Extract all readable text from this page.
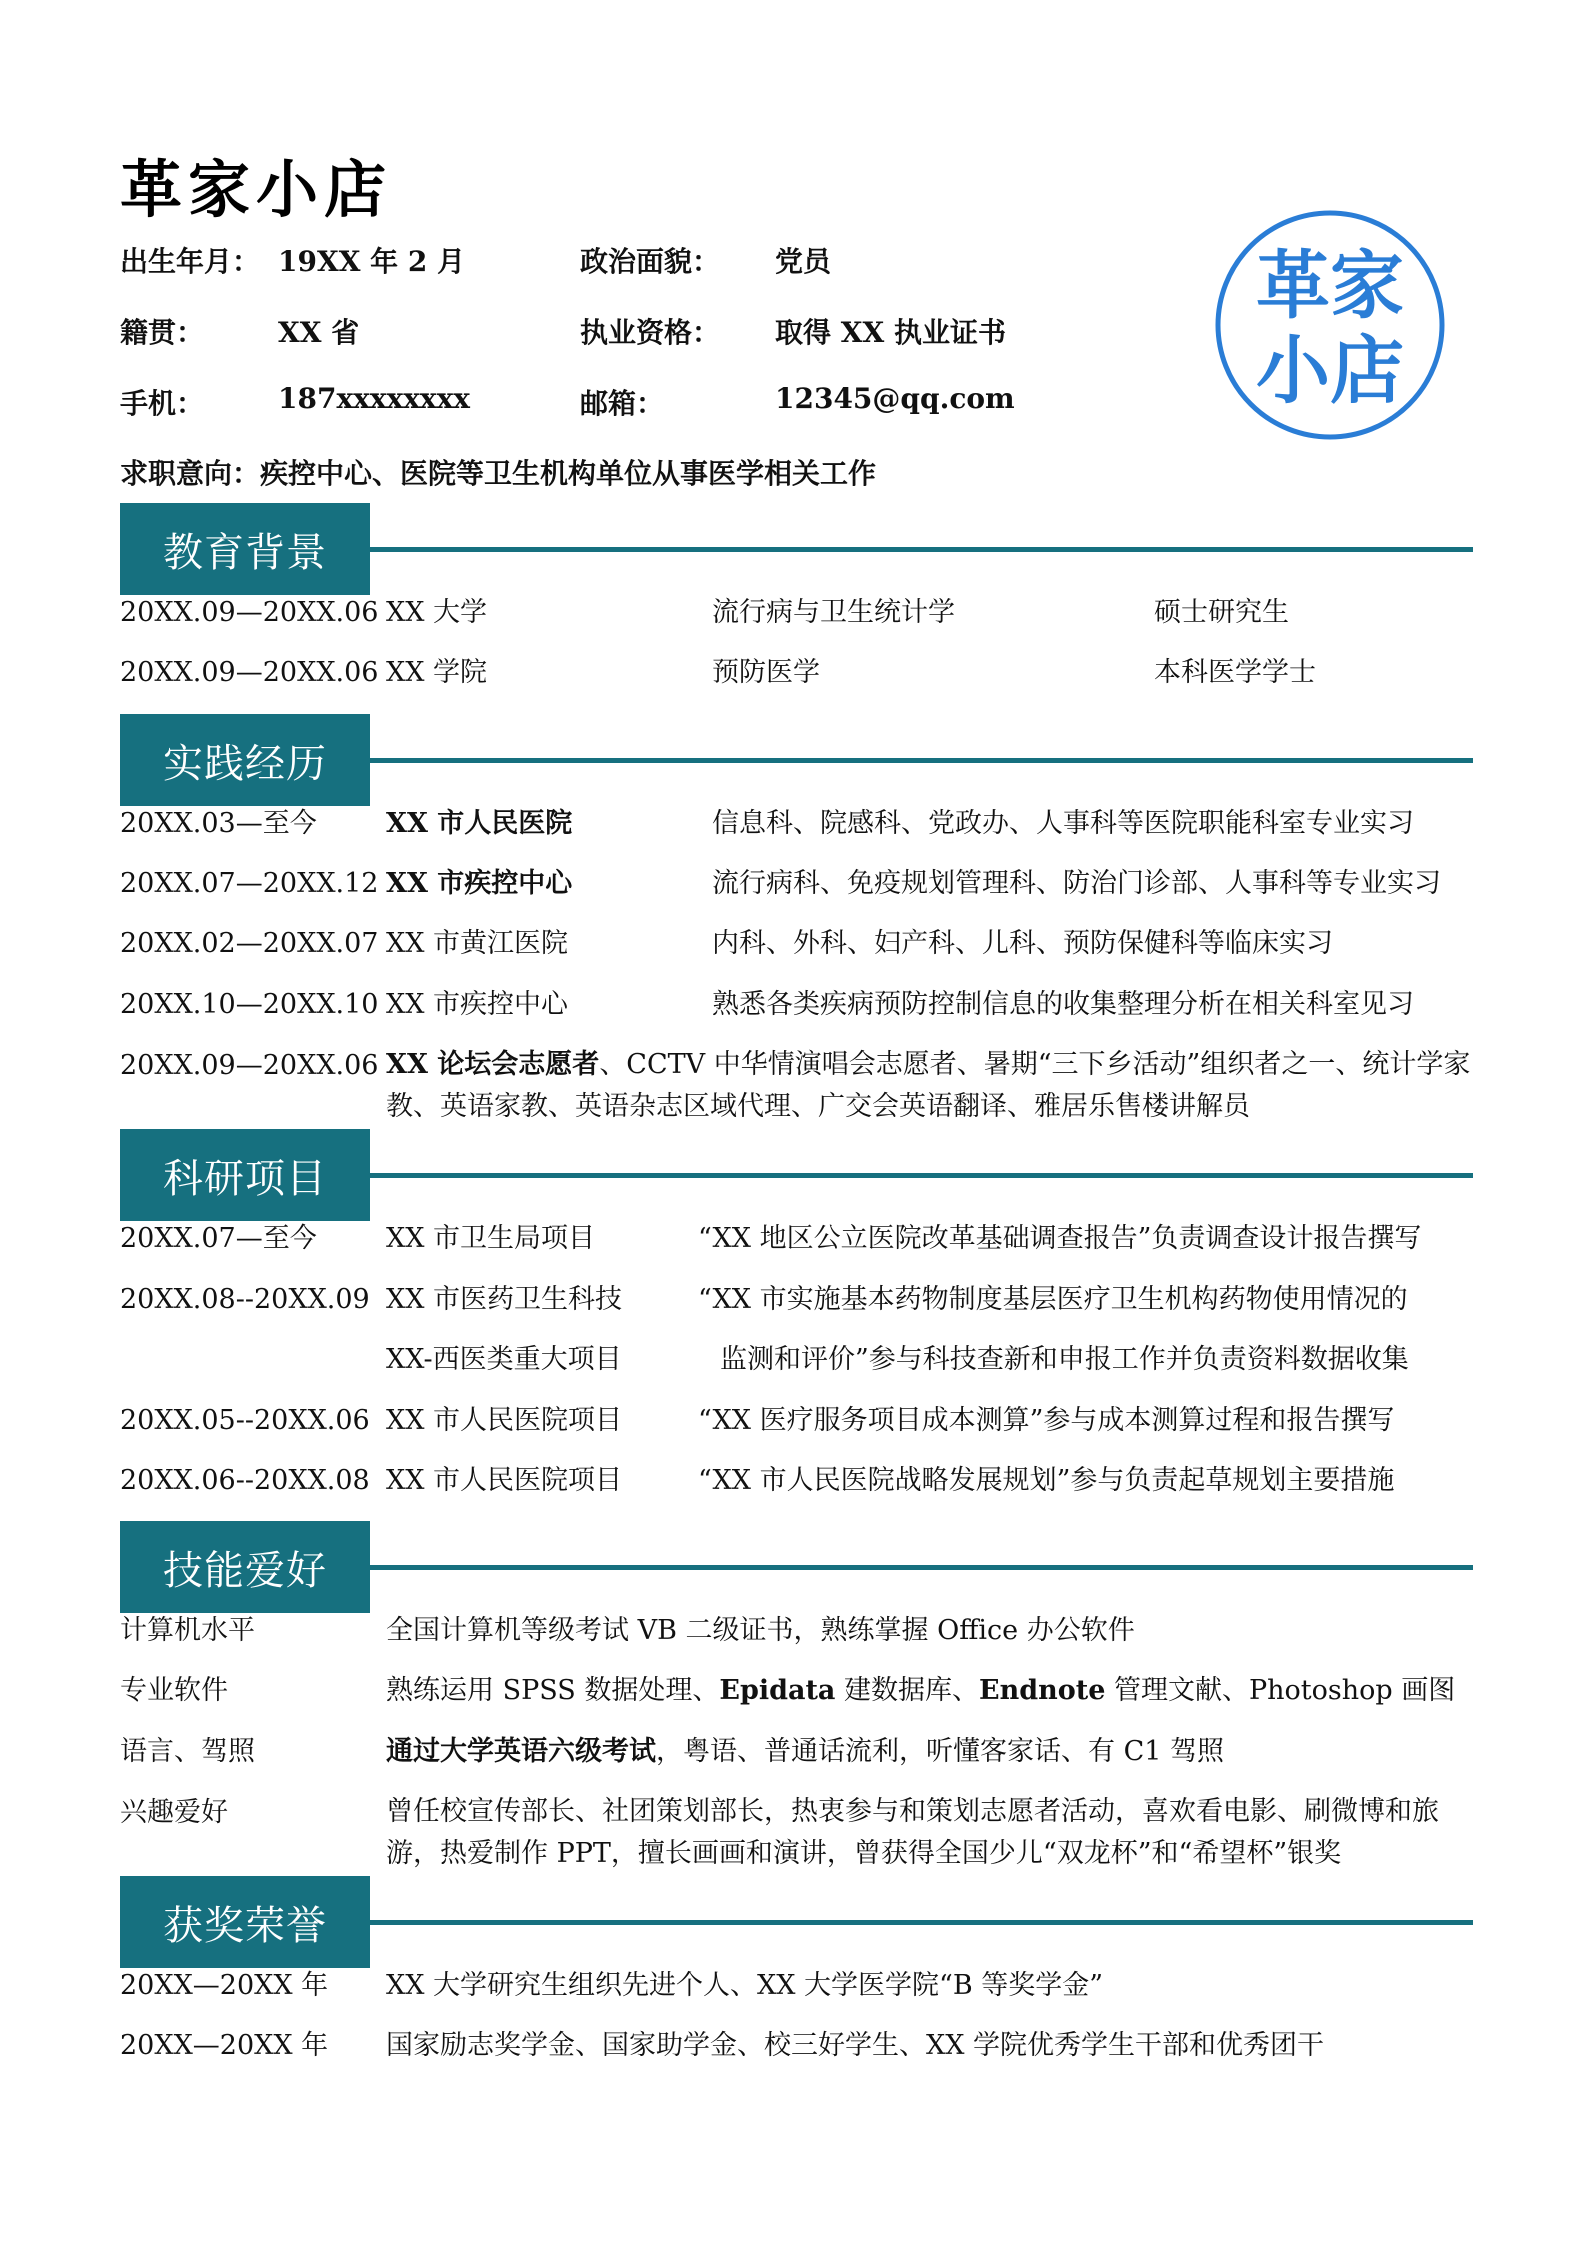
革家小店
出生年月： 19XX 年 2 月	政治面貌： 党员
籍贯：	XX 省	执业资格： 取得 XX 执业证书
手机：	187xxxxxxxx	邮箱：	12345@qq.com
求职意向：疾控中心、医院等卫生机构单位从事医学相关工作
革家
小店
教育背景
20XX.09—20XX.06 XX 大学	流行病与卫生统计学	硕士研究生
20XX.09—20XX.06 XX 学院	预防医学	本科医学学士
实践经历
20XX.03—至今	XX 市人民医院	信息科、院感科、党政办、人事科等医院职能科室专业实习
20XX.07—20XX.12 XX 市疾控中心	流行病科、免疫规划管理科、防治门诊部、人事科等专业实习
20XX.02—20XX.07 XX 市黄江医院	内科、外科、妇产科、儿科、预防保健科等临床实习
20XX.10—20XX.10 XX 市疾控中心	熟悉各类疾病预防控制信息的收集整理分析在相关科室见习
20XX.09—20XX.06 XX 论坛会志愿者、CCTV 中华情演唱会志愿者、暑期“三下乡活动”组织者之一、统计学家教、英语家教、英语杂志区域代理、广交会英语翻译、雅居乐售楼讲解员
科研项目
20XX.07—至今	XX 市卫生局项目	“XX 地区公立医院改革基础调查报告”负责调查设计报告撰写
20XX.08--20XX.09 XX 市医药卫生科技	“XX 市实施基本药物制度基层医疗卫生机构药物使用情况的
XX-西医类重大项目	监测和评价”参与科技查新和申报工作并负责资料数据收集
20XX.05--20XX.06 XX 市人民医院项目	“XX 医疗服务项目成本测算”参与成本测算过程和报告撰写
20XX.06--20XX.08 XX 市人民医院项目	“XX 市人民医院战略发展规划”参与负责起草规划主要措施
技能爱好
计算机水平	全国计算机等级考试 VB 二级证书，熟练掌握 Office 办公软件
专业软件	熟练运用 SPSS 数据处理、Epidata 建数据库、Endnote 管理文献、Photoshop 画图
语言、驾照	通过大学英语六级考试，粤语、普通话流利，听懂客家话、有 C1 驾照
兴趣爱好	曾任校宣传部长、社团策划部长，热衷参与和策划志愿者活动，喜欢看电影、刷微博和旅游，热爱制作 PPT，擅长画画和演讲，曾获得全国少儿“双龙杯”和“希望杯”银奖
获奖荣誉
20XX—20XX 年 XX 大学研究生组织先进个人、XX 大学医学院“B 等奖学金”
20XX—20XX 年 国家励志奖学金、国家助学金、校三好学生、XX 学院优秀学生干部和优秀团干
